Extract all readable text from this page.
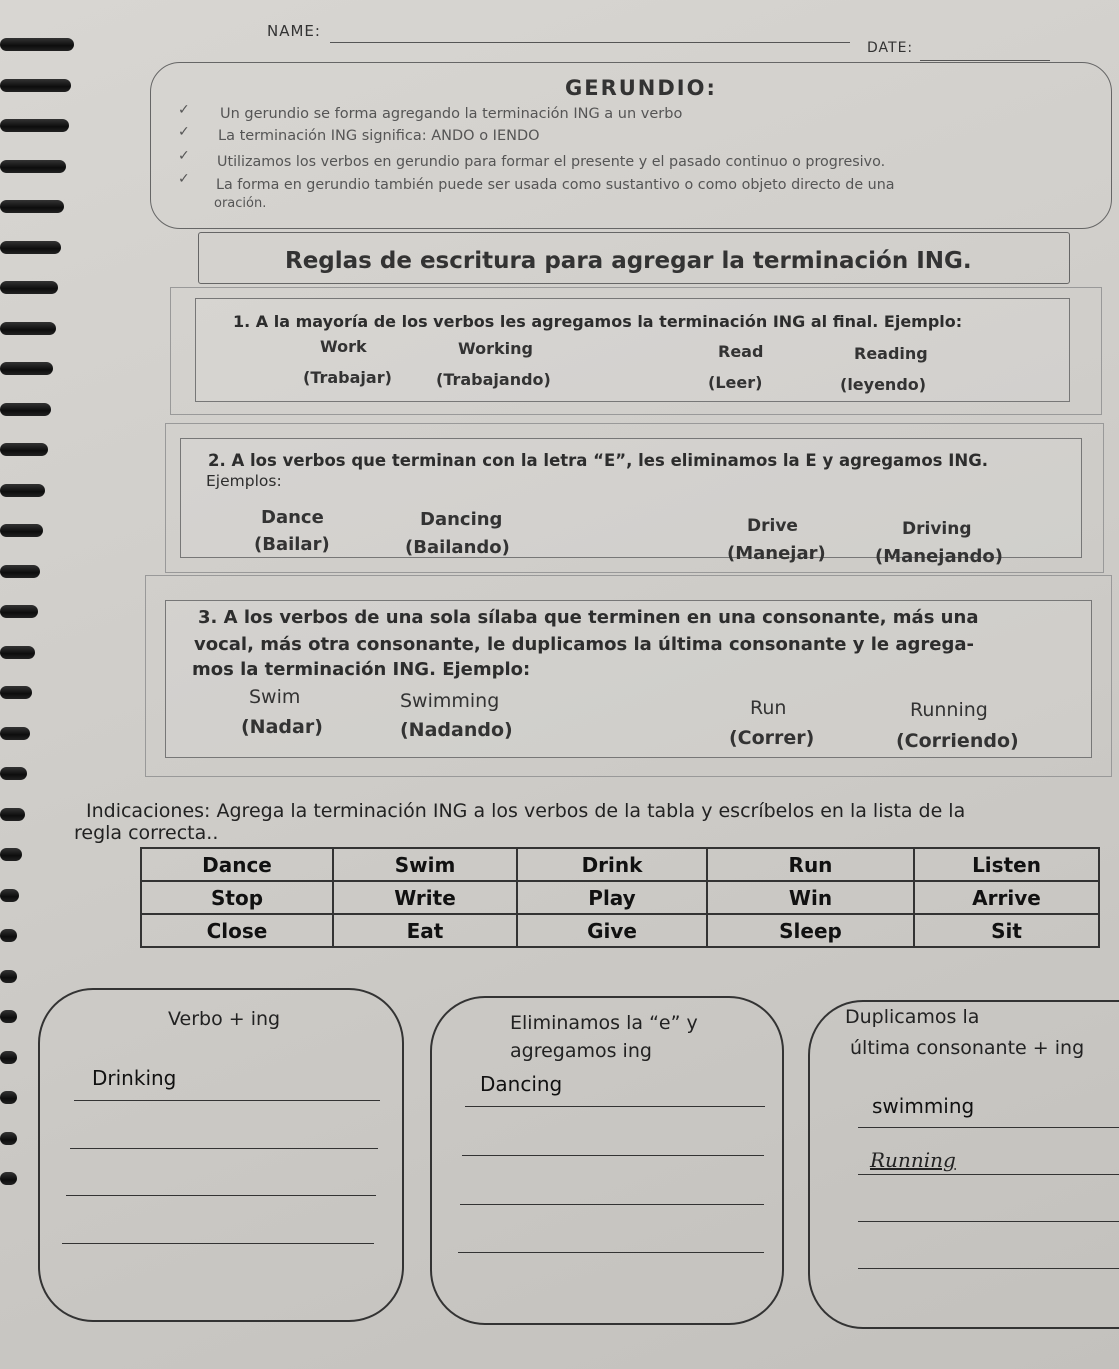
NAME:
DATE:
GERUNDIO:
✓ Un gerundio se forma agregando la terminación ING a un verbo
✓ La terminación ING significa: ANDO o IENDO
✓ Utilizamos los verbos en gerundio para formar el presente y el pasado continuo o progresivo.
✓ La forma en gerundio también puede ser usada como sustantivo o como objeto directo de una
oración.
Reglas de escritura para agregar la terminación ING.
1. A la mayoría de los verbos les agregamos la terminación ING al final. Ejemplo:
Work	Working	Read	Reading
(Trabajar)	(Trabajando)	(Leer)	(leyendo)
2. A los verbos que terminan con la letra “E”, les eliminamos la E y agregamos ING.
Ejemplos:
Dance	Dancing	Drive	Driving
(Bailar)	(Bailando)	(Manejar)	(Manejando)
3. A los verbos de una sola sílaba que terminen en una consonante, más una
vocal, más otra consonante, le duplicamos la última consonante y le agrega-
mos la terminación ING. Ejemplo:
Swim	Swimming	Run	Running
(Nadar)	(Nadando)	(Correr)	(Corriendo)
Indicaciones: Agrega la terminación ING a los verbos de la tabla y escríbelos en la lista de la
regla correcta..
Dance	Swim	Drink	Run	Listen
Stop	Write	Play	Win	Arrive
Close	Eat	Give	Sleep	Sit
Verbo + ing
Drinking
Eliminamos la “e” y
agregamos ing
Dancing
Duplicamos la
última consonante + ing
swimming
Running
